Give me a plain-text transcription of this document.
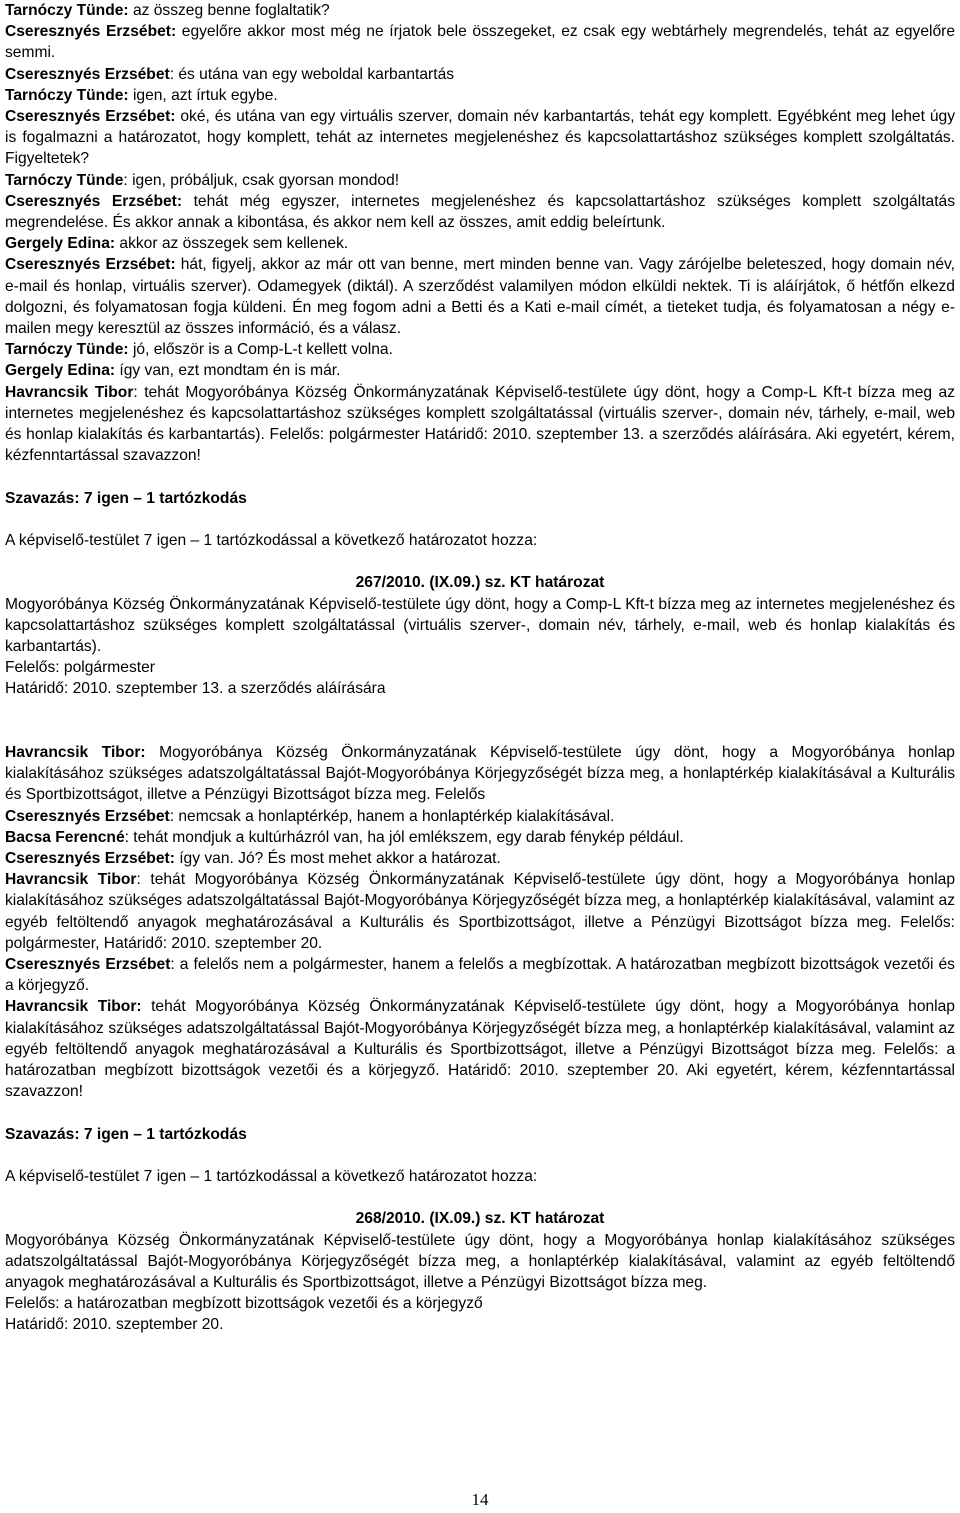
Tarnóczy Tünde: az összeg benne foglaltatik?

Cseresznyés Erzsébet: egyelőre akkor most még ne írjatok bele összegeket, ez csak egy webtárhely megrendelés, tehát az egyelőre semmi.

Cseresznyés Erzsébet: és utána van egy weboldal karbantartás

Tarnóczy Tünde: igen, azt írtuk egybe.

Cseresznyés Erzsébet: oké, és utána van egy virtuális szerver, domain név karbantartás, tehát egy komplett. Egyébként meg lehet úgy is fogalmazni a határozatot, hogy komplett, tehát az internetes megjelenéshez és kapcsolattartáshoz szükséges komplett szolgáltatás. Figyeltetek?

Tarnóczy Tünde: igen, próbáljuk, csak gyorsan mondod!

Cseresznyés Erzsébet: tehát még egyszer, internetes megjelenéshez és kapcsolattartáshoz szükséges komplett szolgáltatás megrendelése. És akkor annak a kibontása, és akkor nem kell az összes, amit eddig beleírtunk.

Gergely Edina: akkor az összegek sem kellenek.

Cseresznyés Erzsébet: hát, figyelj, akkor az már ott van benne, mert minden benne van. Vagy zárójelbe beleteszed, hogy domain név, e-mail és honlap, virtuális szerver). Odamegyek (diktál). A szerződést valamilyen módon elküldi nektek. Ti is aláírjátok, ő hétfőn elkezd dolgozni, és folyamatosan fogja küldeni. Én meg fogom adni a Betti és a Kati e-mail címét, a tieteket tudja, és folyamatosan a négy e-mailen megy keresztül az összes információ, és a válasz.

Tarnóczy Tünde: jó, először is a Comp-L-t kellett volna.

Gergely Edina: így van, ezt mondtam én is már.

Havrancsik Tibor: tehát Mogyoróbánya Község Önkormányzatának Képviselő-testülete úgy dönt, hogy a Comp-L Kft-t bízza meg az internetes megjelenéshez és kapcsolattartáshoz szükséges komplett szolgáltatással (virtuális szerver-, domain név, tárhely, e-mail, web és honlap kialakítás és karbantartás). Felelős: polgármester Határidő: 2010. szeptember 13. a szerződés aláírására. Aki egyetért, kérem, kézfenntartással szavazzon!

Szavazás: 7 igen – 1 tartózkodás

A képviselő-testület 7 igen – 1 tartózkodással a következő határozatot hozza:

267/2010. (IX.09.) sz. KT határozat

Mogyoróbánya Község Önkormányzatának Képviselő-testülete úgy dönt, hogy a Comp-L Kft-t bízza meg az internetes megjelenéshez és kapcsolattartáshoz szükséges komplett szolgáltatással (virtuális szerver-, domain név, tárhely, e-mail, web és honlap kialakítás és karbantartás).

Felelős: polgármester

Határidő: 2010. szeptember 13. a szerződés aláírására

Havrancsik Tibor: Mogyoróbánya Község Önkormányzatának Képviselő-testülete úgy dönt, hogy a Mogyoróbánya honlap kialakításához szükséges adatszolgáltatással Bajót-Mogyoróbánya Körjegyzőségét bízza meg, a honlaptérkép kialakításával a Kulturális és Sportbizottságot, illetve a Pénzügyi Bizottságot bízza meg. Felelős

Cseresznyés Erzsébet: nemcsak a honlaptérkép, hanem a honlaptérkép kialakításával.

Bacsa Ferencné: tehát mondjuk a kultúrházról van, ha jól emlékszem, egy darab fénykép például.

Cseresznyés Erzsébet: így van. Jó? És most mehet akkor a határozat.

Havrancsik Tibor: tehát Mogyoróbánya Község Önkormányzatának Képviselő-testülete úgy dönt, hogy a Mogyoróbánya honlap kialakításához szükséges adatszolgáltatással Bajót-Mogyoróbánya Körjegyzőségét bízza meg, a honlaptérkép kialakításával, valamint az egyéb feltöltendő anyagok meghatározásával a Kulturális és Sportbizottságot, illetve a Pénzügyi Bizottságot bízza meg. Felelős: polgármester, Határidő: 2010. szeptember 20.

Cseresznyés Erzsébet: a felelős nem a polgármester, hanem a felelős a megbízottak. A határozatban megbízott bizottságok vezetői és a körjegyző.

Havrancsik Tibor: tehát Mogyoróbánya Község Önkormányzatának Képviselő-testülete úgy dönt, hogy a Mogyoróbánya honlap kialakításához szükséges adatszolgáltatással Bajót-Mogyoróbánya Körjegyzőségét bízza meg, a honlaptérkép kialakításával, valamint az egyéb feltöltendő anyagok meghatározásával a Kulturális és Sportbizottságot, illetve a Pénzügyi Bizottságot bízza meg. Felelős: a határozatban megbízott bizottságok vezetői és a körjegyző. Határidő: 2010. szeptember 20. Aki egyetért, kérem, kézfenntartással szavazzon!

Szavazás: 7 igen – 1 tartózkodás

A képviselő-testület 7 igen – 1 tartózkodással a következő határozatot hozza:

268/2010. (IX.09.) sz. KT határozat

Mogyoróbánya Község Önkormányzatának Képviselő-testülete úgy dönt, hogy a Mogyoróbánya honlap kialakításához szükséges adatszolgáltatással Bajót-Mogyoróbánya Körjegyzőségét bízza meg, a honlaptérkép kialakításával, valamint az egyéb feltöltendő anyagok meghatározásával a Kulturális és Sportbizottságot, illetve a Pénzügyi Bizottságot bízza meg.

Felelős: a határozatban megbízott bizottságok vezetői és a körjegyző

Határidő: 2010. szeptember 20.

14
